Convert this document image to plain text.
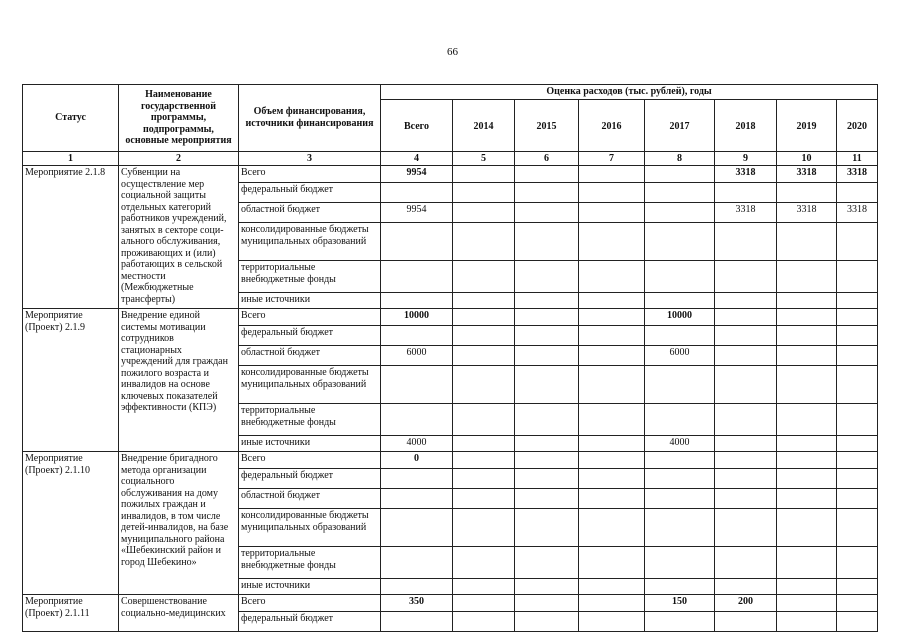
66
Статус	Наименование государственной программы, подпрограммы, основные мероприятия	Объем финансирования, источники финансирования	Оценка расходов (тыс. рублей), годы							
			Всего	2014	2015	2016	2017	2018	2019	2020
1	2	3	4	5	6	7	8	9	10	11
Мероприятие 2.1.8	Субвенции на осуществление мер социальной защиты отдельных категорий работников учреждений, занятых в секторе соци-ального обслуживания, проживающих и (или) работающих в сельской местности (Межбюджетные трансферты)	Всего	9954					3318	3318	3318
		федеральный бюджет								
		областной бюджет	9954					3318	3318	3318
		консолидированные бюджеты муниципальных образований								
		территориальные внебюджетные фонды								
		иные источники								
Мероприятие (Проект) 2.1.9	Внедрение единой системы мотивации сотрудников стационарных учреждений для граждан пожилого возраста и инвалидов на основе ключевых показателей эффективности (КПЭ)	Всего	10000				10000			
		федеральный бюджет								
		областной бюджет	6000				6000			
		консолидированные бюджеты муниципальных образований								
		территориальные внебюджетные фонды								
		иные источники	4000				4000			
Мероприятие (Проект) 2.1.10	Внедрение бригадного метода организации социального обслуживания на дому пожилых граждан и инвалидов, в том числе детей-инвалидов, на базе муниципального района «Шебекинский район и город Шебекино»	Всего	0							
		федеральный бюджет								
		областной бюджет								
		консолидированные бюджеты муниципальных образований								
		территориальные внебюджетные фонды								
		иные источники								
Мероприятие (Проект) 2.1.11	Совершенствование социально-медицинских	Всего	350				150	200		
		федеральный бюджет								
